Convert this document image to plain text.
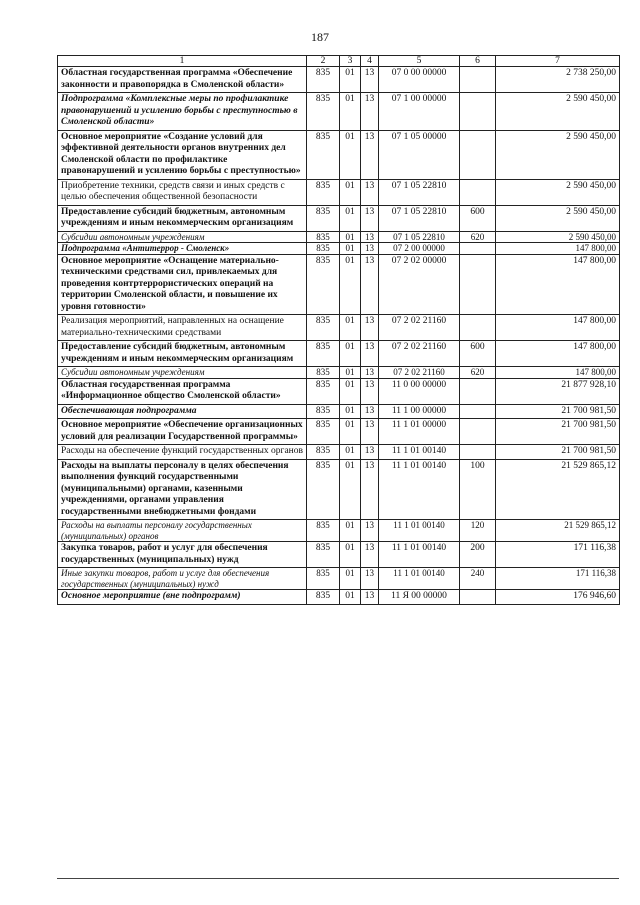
187
1	2	3	4	5	6	7
Областная государственная программа «Обеспечение законности и правопорядка в Смоленской области»	835	01	13	07 0 00 00000		2 738 250,00
Подпрограмма «Комплексные меры по профилактике правонарушений и усилению борьбы с преступностью в Смоленской области»	835	01	13	07 1 00 00000		2 590 450,00
Основное мероприятие «Создание условий для эффективной деятельности органов внутренних дел Смоленской области по профилактике правонарушений и усилению борьбы с преступностью»	835	01	13	07 1 05 00000		2 590 450,00
Приобретение техники, средств связи и иных средств с целью обеспечения общественной безопасности	835	01	13	07 1 05 22810		2 590 450,00
Предоставление субсидий бюджетным, автономным учреждениям и иным некоммерческим организациям	835	01	13	07 1 05 22810	600	2 590 450,00
Субсидии автономным учреждениям	835	01	13	07 1 05 22810	620	2 590 450,00
Подпрограмма «Антитеррор - Смоленск»	835	01	13	07 2 00 00000		147 800,00
Основное мероприятие «Оснащение материально-техническими средствами сил, привлекаемых для проведения контртеррористических операций на территории Смоленской области, и повышение их уровня готовности»	835	01	13	07 2 02 00000		147 800,00
Реализация мероприятий, направленных на оснащение материально-техническими средствами	835	01	13	07 2 02 21160		147 800,00
Предоставление субсидий бюджетным, автономным учреждениям и иным некоммерческим организациям	835	01	13	07 2 02 21160	600	147 800,00
Субсидии автономным учреждениям	835	01	13	07 2 02 21160	620	147 800,00
Областная государственная программа «Информационное общество Смоленской области»	835	01	13	11 0 00 00000		21 877 928,10
Обеспечивающая подпрограмма	835	01	13	11 1 00 00000		21 700 981,50
Основное мероприятие «Обеспечение организационных условий для реализации Государственной программы»	835	01	13	11 1 01 00000		21 700 981,50
Расходы на обеспечение функций государственных органов	835	01	13	11 1 01 00140		21 700 981,50
Расходы на выплаты персоналу в целях обеспечения выполнения функций государственными (муниципальными) органами, казенными учреждениями, органами управления государственными внебюджетными фондами	835	01	13	11 1 01 00140	100	21 529 865,12
Расходы на выплаты персоналу государственных (муниципальных) органов	835	01	13	11 1 01 00140	120	21 529 865,12
Закупка товаров, работ и услуг для обеспечения государственных (муниципальных) нужд	835	01	13	11 1 01 00140	200	171 116,38
Иные закупки товаров, работ и услуг для обеспечения государственных (муниципальных) нужд	835	01	13	11 1 01 00140	240	171 116,38
Основное мероприятие (вне подпрограмм)	835	01	13	11 Я 00 00000		176 946,60
